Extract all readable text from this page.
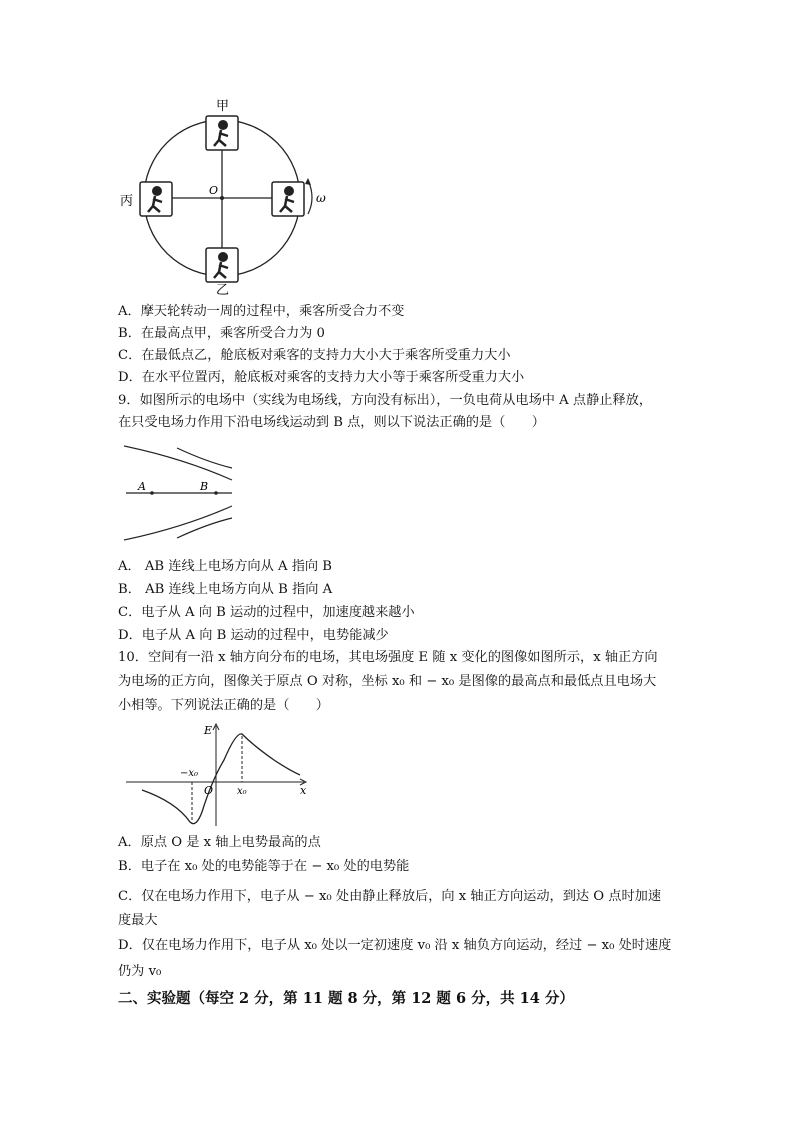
甲
丙
乙
O
ω
A．摩天轮转动一周的过程中，乘客所受合力不变
B．在最高点甲，乘客所受合力为 0
C．在最低点乙，舱底板对乘客的支持力大小大于乘客所受重力大小
D．在水平位置丙，舱底板对乘客的支持力大小等于乘客所受重力大小
9．如图所示的电场中（实线为电场线，方向没有标出），一负电荷从电场中 A 点静止释放，
在只受电场力作用下沿电场线运动到 B 点，则以下说法正确的是（　　）
A	B
A． AB 连线上电场方向从 A 指向 B
B． AB 连线上电场方向从 B 指向 A
C．电子从 A 向 B 运动的过程中，加速度越来越小
D．电子从 A 向 B 运动的过程中，电势能减少
10．空间有一沿 x 轴方向分布的电场，其电场强度 E 随 x 变化的图像如图所示，x 轴正方向
为电场的正方向，图像关于原点 O 对称，坐标 x₀ 和 − x₀ 是图像的最高点和最低点且电场大
小相等。下列说法正确的是（　　）
E
x
O
−x₀
x₀
A．原点 O 是 x 轴上电势最高的点
B．电子在 x₀ 处的电势能等于在 − x₀ 处的电势能
C．仅在电场力作用下，电子从 − x₀ 处由静止释放后，向 x 轴正方向运动，到达 O 点时加速
度最大
D．仅在电场力作用下，电子从 x₀ 处以一定初速度 v₀ 沿 x 轴负方向运动，经过 − x₀ 处时速度
仍为 v₀
二、实验题（每空 2 分，第 11 题 8 分，第 12 题 6 分，共 14 分）
